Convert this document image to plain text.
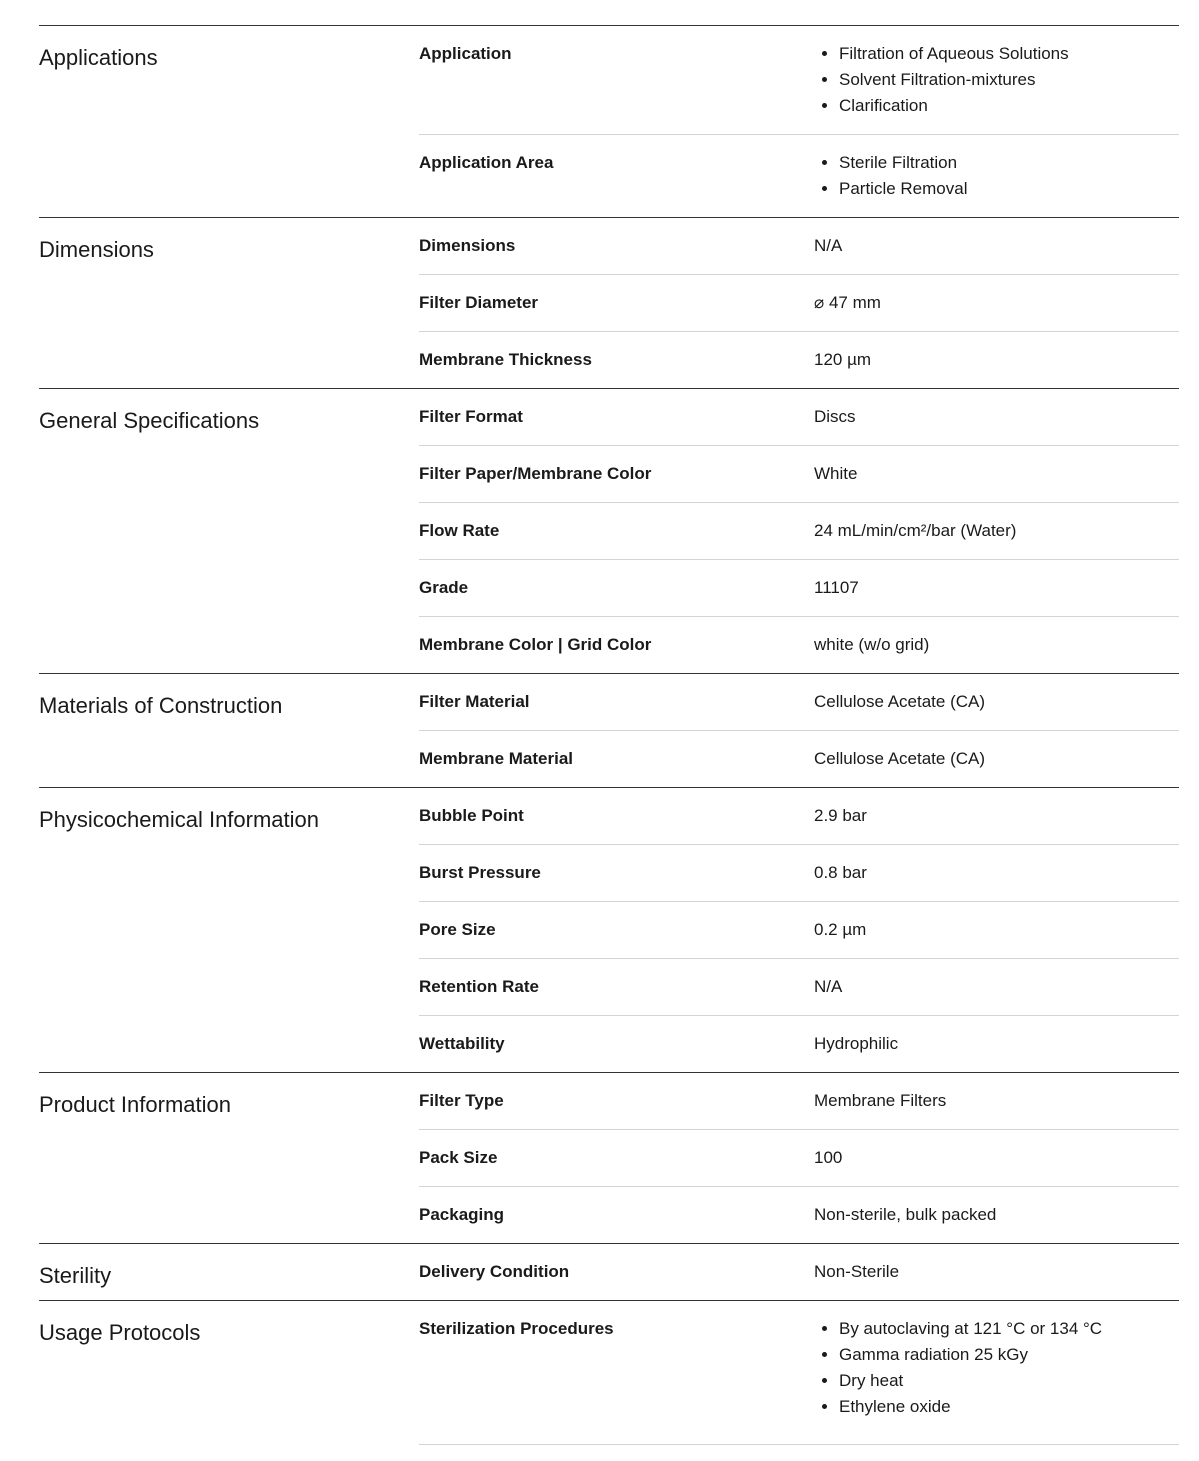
Applications	Application	• Filtration of Aqueous Solutions
• Solvent Filtration-mixtures
• Clarification
Application Area	• Sterile Filtration
• Particle Removal
Dimensions	Dimensions	N/A
Filter Diameter	⌀ 47 mm
Membrane Thickness	120 µm
General Specifications	Filter Format	Discs
Filter Paper/Membrane Color	White
Flow Rate	24 mL/min/cm²/bar (Water)
Grade	11107
Membrane Color | Grid Color	white (w/o grid)
Materials of Construction	Filter Material	Cellulose Acetate (CA)
Membrane Material	Cellulose Acetate (CA)
Physicochemical Information	Bubble Point	2.9 bar
Burst Pressure	0.8 bar
Pore Size	0.2 µm
Retention Rate	N/A
Wettability	Hydrophilic
Product Information	Filter Type	Membrane Filters
Pack Size	100
Packaging	Non-sterile, bulk packed
Sterility	Delivery Condition	Non-Sterile
Usage Protocols	Sterilization Procedures	• By autoclaving at 121 °C or 134 °C
• Gamma radiation 25 kGy
• Dry heat
• Ethylene oxide
